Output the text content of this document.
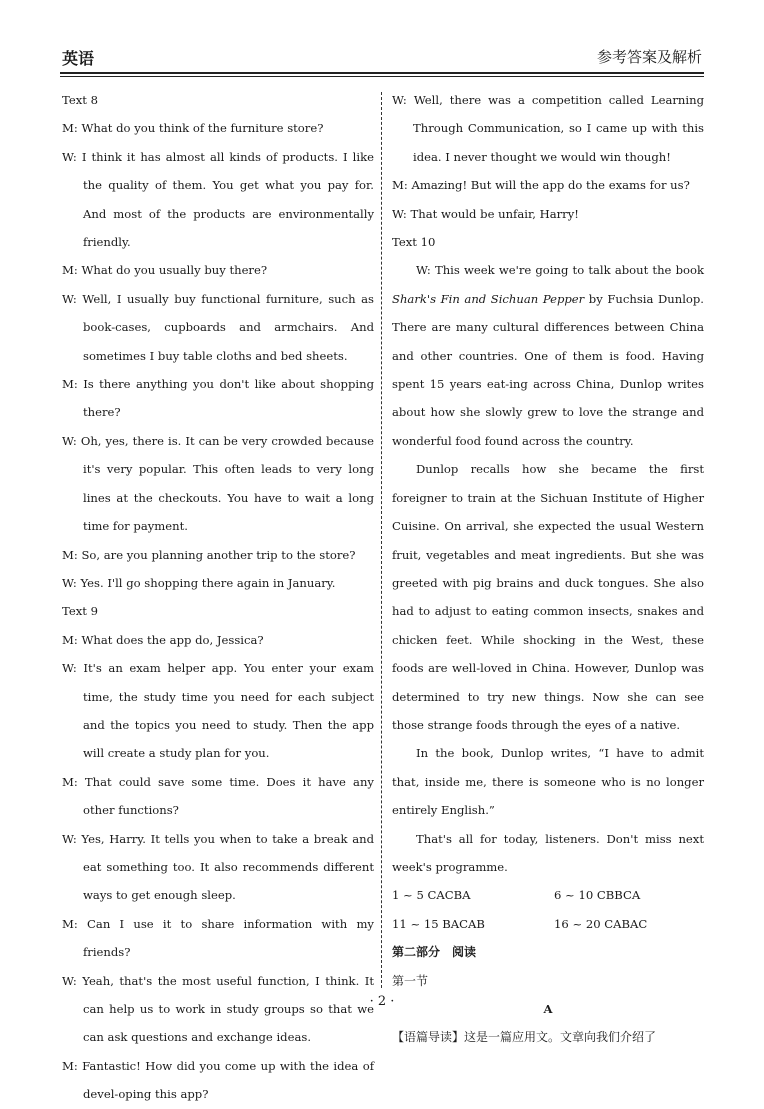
英语	参考答案及解析

Text 8

M: What do you think of the furniture store?

W: I think it has almost all kinds of products. I like the quality of them. You get what you pay for. And most of the products are environmentally friendly.

M: What do you usually buy there?

W: Well, I usually buy functional furniture, such as book-cases, cupboards and armchairs. And sometimes I buy table cloths and bed sheets.

M: Is there anything you don't like about shopping there?

W: Oh, yes, there is. It can be very crowded because it's very popular. This often leads to very long lines at the checkouts. You have to wait a long time for payment.

M: So, are you planning another trip to the store?

W: Yes. I'll go shopping there again in January.

Text 9

M: What does the app do, Jessica?

W: It's an exam helper app. You enter your exam time, the study time you need for each subject and the topics you need to study. Then the app will create a study plan for you.

M: That could save some time. Does it have any other functions?

W: Yes, Harry. It tells you when to take a break and eat something too. It also recommends different ways to get enough sleep.

M: Can I use it to share information with my friends?

W: Yeah, that's the most useful function, I think. It can help us to work in study groups so that we can ask questions and exchange ideas.

M: Fantastic! How did you come up with the idea of devel-oping this app?

W: Well, there was a competition called Learning Through Communication, so I came up with this idea. I never thought we would win though!

M: Amazing! But will the app do the exams for us?

W: That would be unfair, Harry!

Text 10

W: This week we're going to talk about the book Shark's Fin and Sichuan Pepper by Fuchsia Dunlop. There are many cultural differences between China and other countries. One of them is food. Having spent 15 years eat-ing across China, Dunlop writes about how she slowly grew to love the strange and wonderful food found across the country.

Dunlop recalls how she became the first foreigner to train at the Sichuan Institute of Higher Cuisine. On arrival, she expected the usual Western fruit, vegetables and meat ingredients. But she was greeted with pig brains and duck tongues. She also had to adjust to eating common insects, snakes and chicken feet. While shocking in the West, these foods are well-loved in China. However, Dunlop was determined to try new things. Now she can see those strange foods through the eyes of a native.

In the book, Dunlop writes, “I have to admit that, inside me, there is someone who is no longer entirely English.”

That's all for today, listeners. Don't miss next week's programme.

1 ~ 5 CACBA	6 ~ 10 CBBCA
11 ~ 15 BACAB	16 ~ 20 CABAC

第二部分　阅读

第一节

A

【语篇导读】这是一篇应用文。文章向我们介绍了

· 2 ·
